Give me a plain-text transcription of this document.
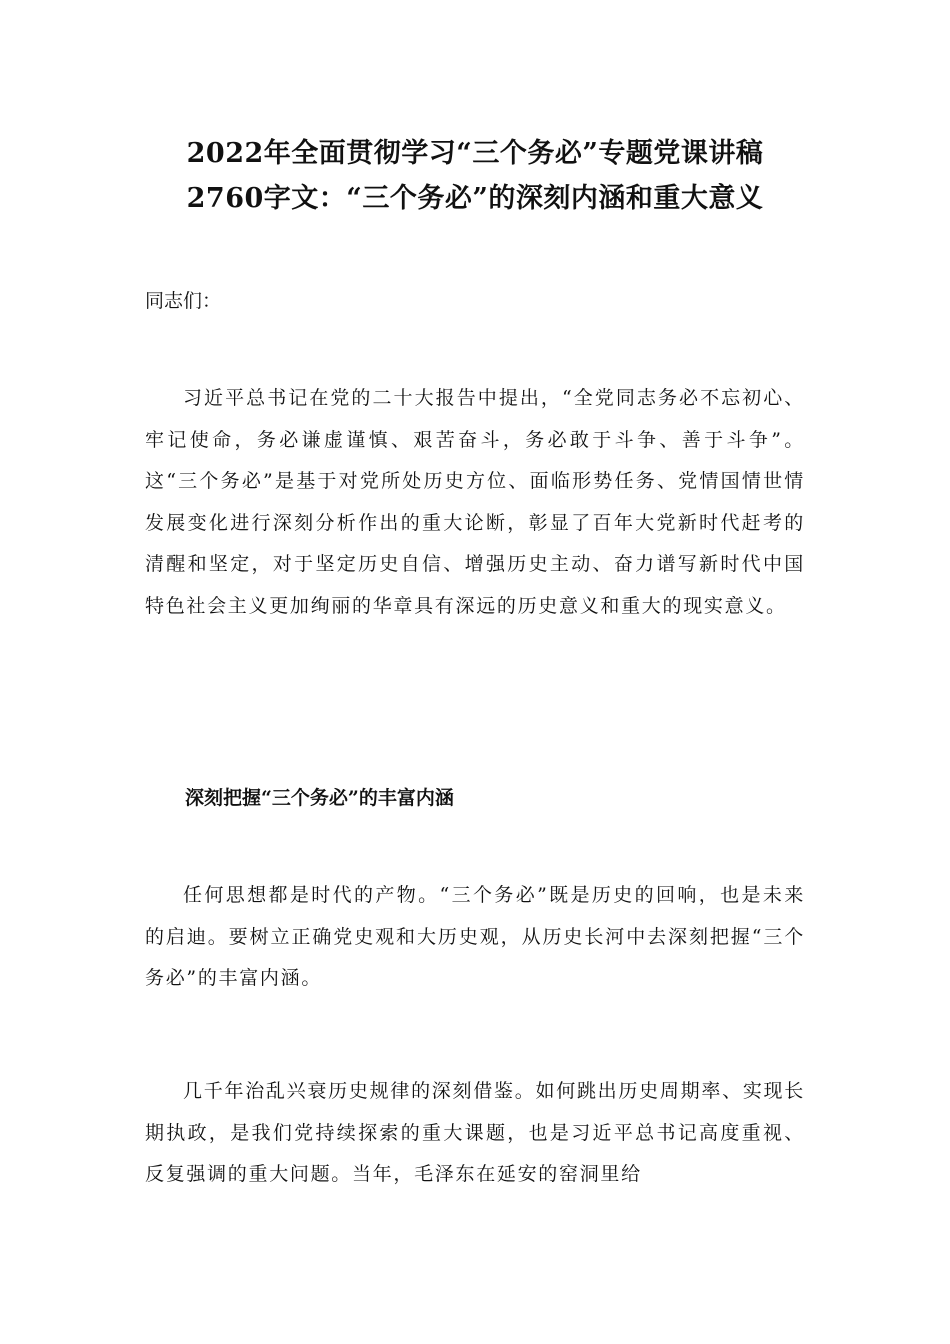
2022年全面贯彻学习“三个务必”专题党课讲稿
2760字文：“三个务必”的深刻内涵和重大意义
同志们：
习近平总书记在党的二十大报告中提出，“全党同志务必不忘初心、牢记使命，务必谦虚谨慎、艰苦奋斗，务必敢于斗争、善于斗争”。这“三个务必”是基于对党所处历史方位、面临形势任务、党情国情世情发展变化进行深刻分析作出的重大论断，彰显了百年大党新时代赶考的清醒和坚定，对于坚定历史自信、增强历史主动、奋力谱写新时代中国特色社会主义更加绚丽的华章具有深远的历史意义和重大的现实意义。
深刻把握“三个务必”的丰富内涵
任何思想都是时代的产物。“三个务必”既是历史的回响，也是未来的启迪。要树立正确党史观和大历史观，从历史长河中去深刻把握“三个务必”的丰富内涵。
几千年治乱兴衰历史规律的深刻借鉴。如何跳出历史周期率、实现长期执政，是我们党持续探索的重大课题，也是习近平总书记高度重视、反复强调的重大问题。当年，毛泽东在延安的窑洞里给
